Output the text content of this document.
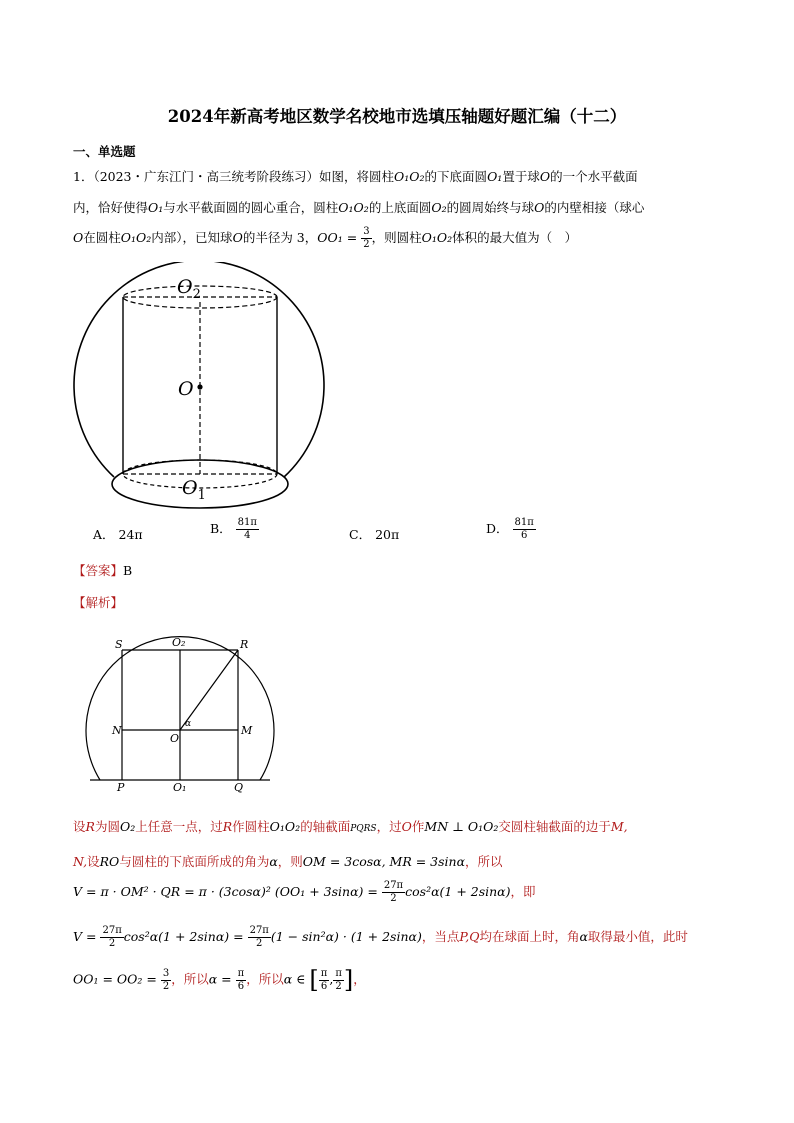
2024年新高考地区数学名校地市选填压轴题好题汇编（十二）
一、单选题
1．（2023・广东江门・高三统考阶段练习）如图，将圆柱O₁O₂的下底面圆O₁置于球O的一个水平截面
内，恰好使得O₁与水平截面圆的圆心重合，圆柱O₁O₂的上底面圆O₂的圆周始终与球O的内壁相接（球心
O在圆柱O₁O₂内部），已知球O的半径为 3，$OO_1 = \frac{3}{2}$ ，则圆柱O₁O₂体积的最大值为（　）
$O_2$
O
$O_1$
A． 24π	B． $\frac{81\pi}{4}$	C． 20π	D． $\frac{81\pi}{6}$
【答案】B
【解析】
S	O₂	R
N
O
α	M
P	O₁	Q
设R为圆O₂上任意一点，过R作圆柱O₁O₂的轴截面PQRS，过O作MN ⊥ O₁O₂交圆柱轴截面的边于M,
N,设RO与圆柱的下底面所成的角为α，则OM = 3cosα, MR = 3sinα，所以
V = π · OM² · QR = π · (3cosα)² $(OO_1 + 3\sin\alpha) = \frac{27\pi}{2} \cos^2\alpha(1 + 2\sin\alpha)$，即
$V = \frac{27\pi}{2} \cos^2\alpha(1 + 2\sin\alpha) = \frac{27\pi}{2} (1 - \sin^2\alpha) \cdot (1 + 2\sin\alpha)$，当点P,Q均在球面上时，角α取得最小值，此时
$OO_1 = OO_2 = \frac{3}{2}$ ，所以$\alpha = \frac{\pi}{6}$ ，所以α ∈ [ $\frac{\pi}{6}$ , $\frac{\pi}{2}$ ]，
